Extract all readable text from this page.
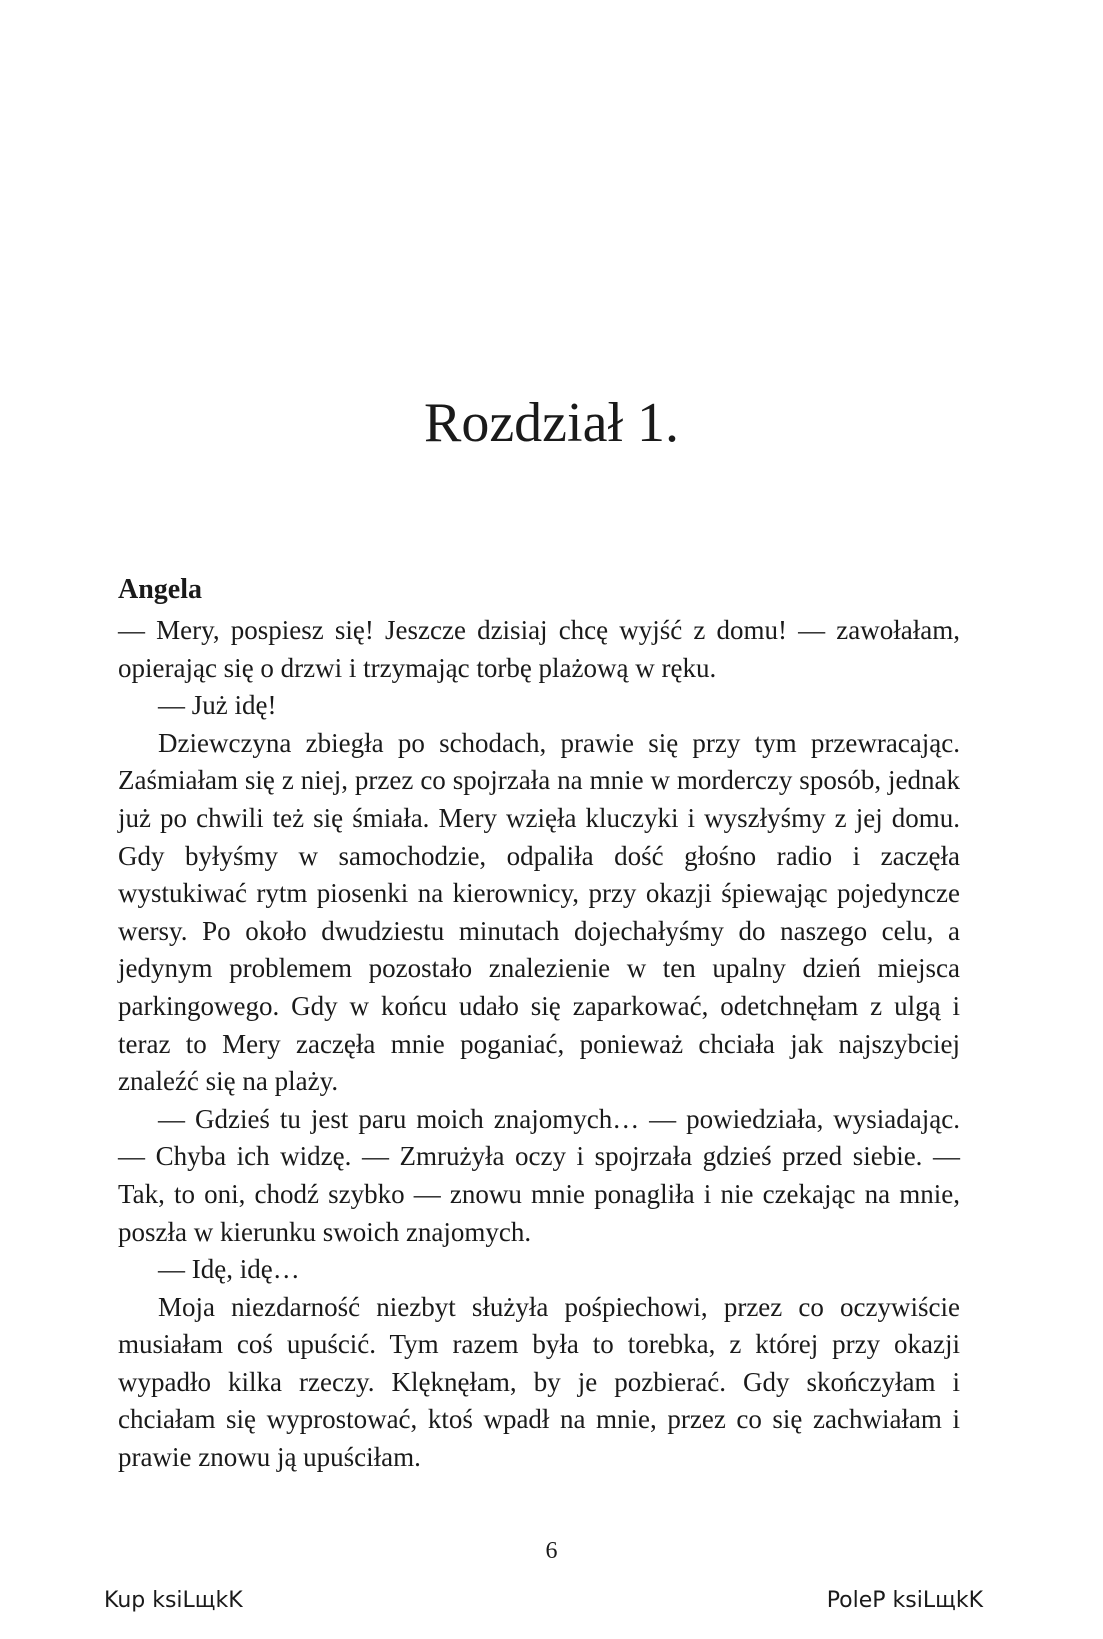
Rozdział 1.
Angela

— Mery, pospiesz się! Jeszcze dzisiaj chcę wyjść z domu! — zawołałam, opierając się o drzwi i trzymając torbę plażową w ręku.

— Już idę!

Dziewczyna zbiegła po schodach, prawie się przy tym przewracając. Zaśmiałam się z niej, przez co spojrzała na mnie w morderczy sposób, jednak już po chwili też się śmiała. Mery wzięła kluczyki i wyszłyśmy z jej domu. Gdy byłyśmy w samochodzie, odpaliła dość głośno radio i zaczęła wystukiwać rytm piosenki na kierownicy, przy okazji śpiewając pojedyncze wersy. Po około dwudziestu minutach dojechałyśmy do naszego celu, a jedynym problemem pozostało znalezienie w ten upalny dzień miejsca parkingowego. Gdy w końcu udało się zaparkować, odetchnęłam z ulgą i teraz to Mery zaczęła mnie poganiać, ponieważ chciała jak najszybciej znaleźć się na plaży.

— Gdzieś tu jest paru moich znajomych… — powiedziała, wysiadając. — Chyba ich widzę. — Zmrużyła oczy i spojrzała gdzieś przed siebie. — Tak, to oni, chodź szybko — znowu mnie ponagliła i nie czekając na mnie, poszła w kierunku swoich znajomych.

— Idę, idę…

Moja niezdarność niezbyt służyła pośpiechowi, przez co oczywiście musiałam coś upuścić. Tym razem była to torebka, z której przy okazji wypadło kilka rzeczy. Klęknęłam, by je pozbierać. Gdy skończyłam i chciałam się wyprostować, ktoś wpadł na mnie, przez co się zachwiałam i prawie znowu ją upuściłam.

6
Kup ksiLщkK	PoleP ksiLщkK
